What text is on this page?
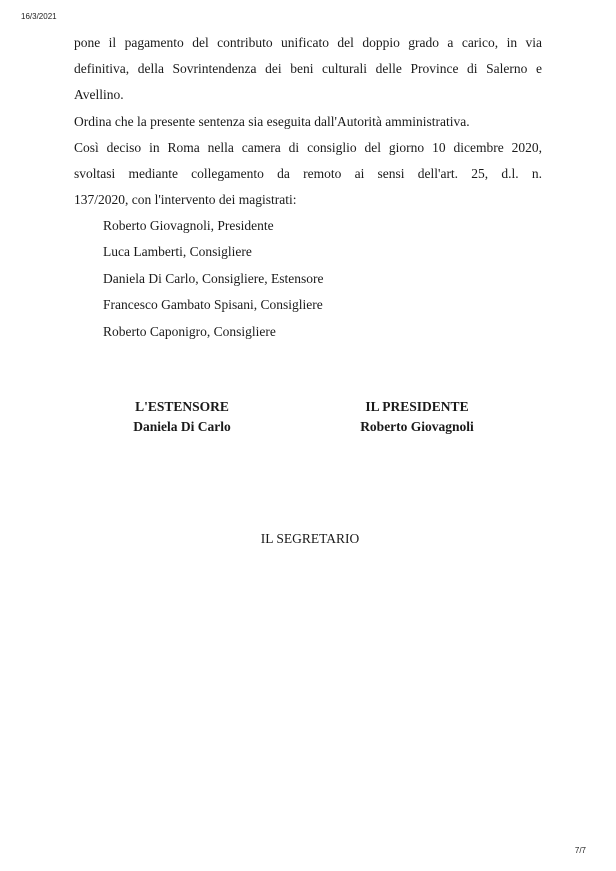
16/3/2021
pone il pagamento del contributo unificato del doppio grado a carico, in via
definitiva, della Sovrintendenza dei beni culturali delle Province di Salerno e
Avellino.
Ordina che la presente sentenza sia eseguita dall'Autorità amministrativa.
Così deciso in Roma nella camera di consiglio del giorno 10 dicembre 2020,
svoltasi mediante collegamento da remoto ai sensi dell'art. 25, d.l. n.
137/2020, con l'intervento dei magistrati:
Roberto Giovagnoli, Presidente
Luca Lamberti, Consigliere
Daniela Di Carlo, Consigliere, Estensore
Francesco Gambato Spisani, Consigliere
Roberto Caponigro, Consigliere
L'ESTENSORE
Daniela Di Carlo
IL PRESIDENTE
Roberto Giovagnoli
IL SEGRETARIO
7/7
